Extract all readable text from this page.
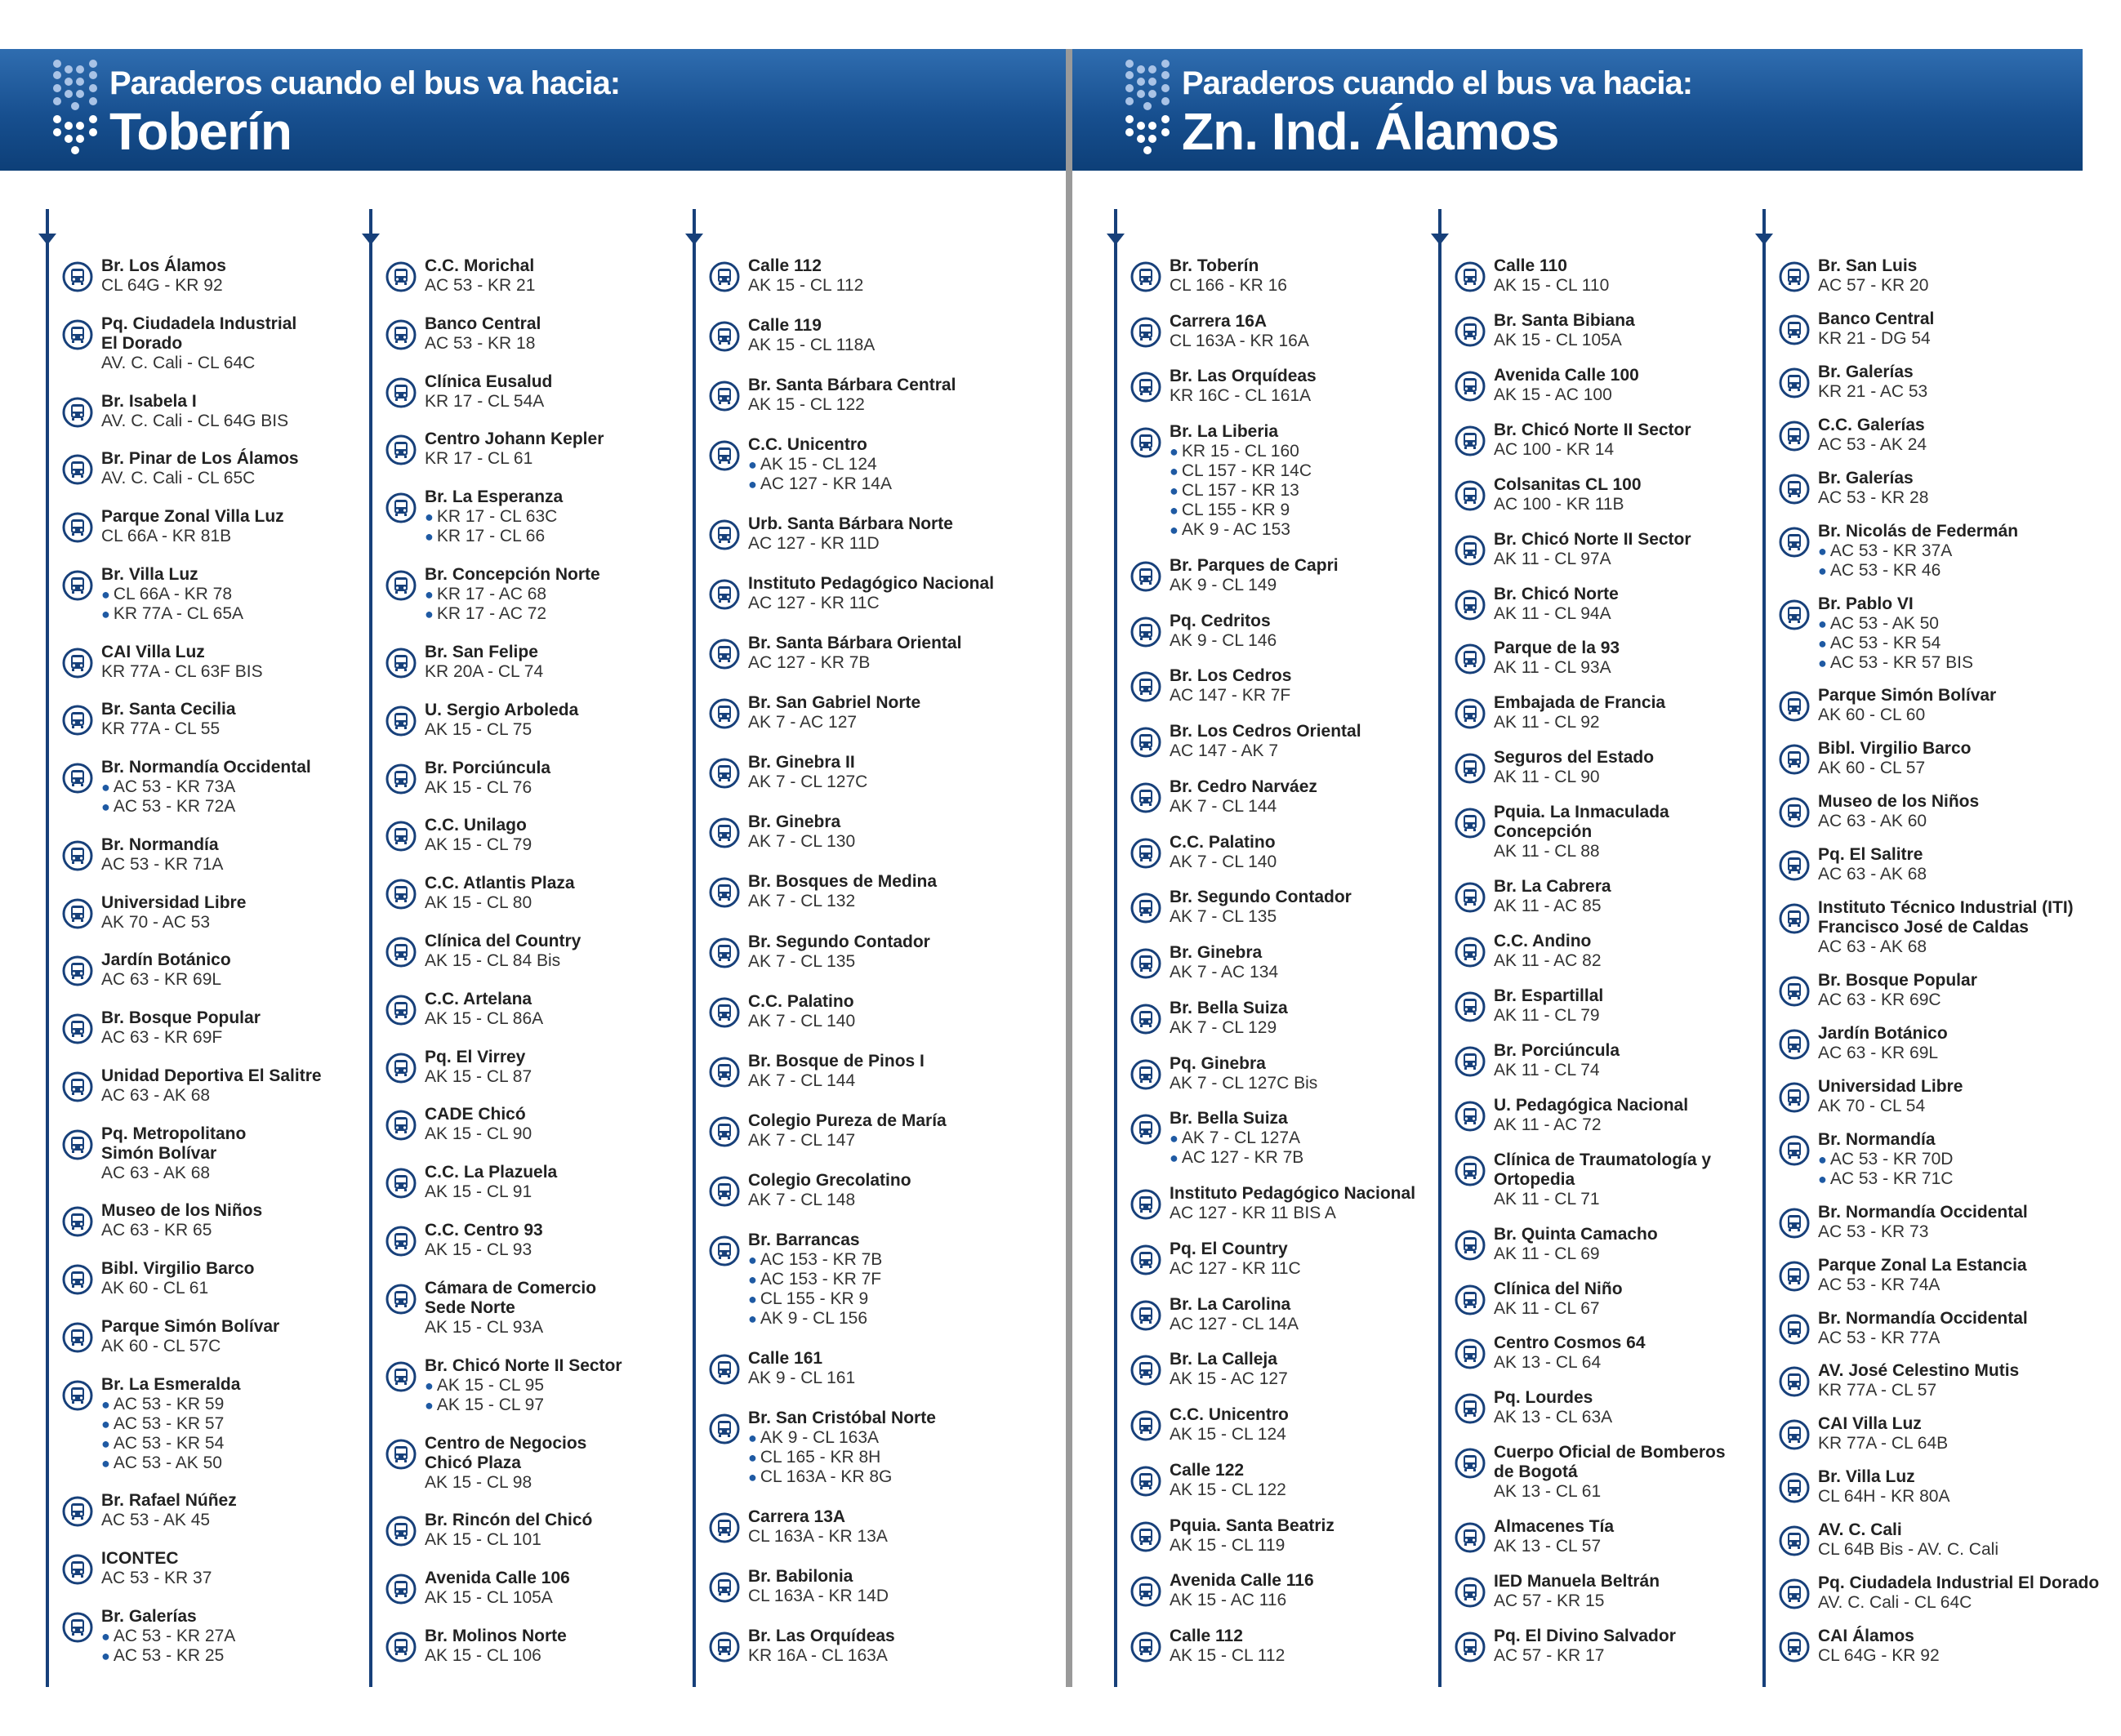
Paraderos cuando el bus va hacia:
Toberín
Br. Los Álamos
CL 64G - KR 92
Pq. Ciudadela Industrial
El Dorado
AV. C. Cali - CL 64C
Br. Isabela I
AV. C. Cali - CL 64G BIS
Br. Pinar de Los Álamos
AV. C. Cali - CL 65C
Parque Zonal Villa Luz
CL 66A - KR 81B
Br. Villa Luz
● CL 66A - KR 78
● KR 77A - CL 65A
CAI Villa Luz
KR 77A - CL 63F BIS
Br. Santa Cecilia
KR 77A - CL 55
Br. Normandía Occidental
● AC 53 - KR 73A
● AC 53 - KR 72A
Br. Normandía
AC 53 - KR 71A
Universidad Libre
AK 70 - AC 53
Jardín Botánico
AC 63 - KR 69L
Br. Bosque Popular
AC 63 - KR 69F
Unidad Deportiva El Salitre
AC 63 - AK 68
Pq. Metropolitano
Simón Bolívar
AC 63 - AK 68
Museo de los Niños
AC 63 - KR 65
Bibl. Virgilio Barco
AK 60 - CL 61
Parque Simón Bolívar
AK 60 - CL 57C
Br. La Esmeralda
● AC 53 - KR 59
● AC 53 - KR 57
● AC 53 - KR 54
● AC 53 - AK 50
Br. Rafael Núñez
AC 53 - AK 45
ICONTEC
AC 53 - KR 37
Br. Galerías
● AC 53 - KR 27A
● AC 53 - KR 25
C.C. Morichal
AC 53 - KR 21
Banco Central
AC 53 - KR 18
Clínica Eusalud
KR 17 - CL 54A
Centro Johann Kepler
KR 17 - CL 61
Br. La Esperanza
● KR 17 - CL 63C
● KR 17 - CL 66
Br. Concepción Norte
● KR 17 - AC 68
● KR 17 - AC 72
Br. San Felipe
KR 20A - CL 74
U. Sergio Arboleda
AK 15 - CL 75
Br. Porciúncula
AK 15 - CL 76
C.C. Unilago
AK 15 - CL 79
C.C. Atlantis Plaza
AK 15 - CL 80
Clínica del Country
AK 15 - CL 84 Bis
C.C. Artelana
AK 15 - CL 86A
Pq. El Virrey
AK 15 - CL 87
CADE Chicó
AK 15 - CL 90
C.C. La Plazuela
AK 15 - CL 91
C.C. Centro 93
AK 15 - CL 93
Cámara de Comercio
Sede Norte
AK 15 - CL 93A
Br. Chicó Norte II Sector
● AK 15 - CL 95
● AK 15 - CL 97
Centro de Negocios
Chicó Plaza
AK 15 - CL 98
Br. Rincón del Chicó
AK 15 - CL 101
Avenida Calle 106
AK 15 - CL 105A
Br. Molinos Norte
AK 15 - CL 106
Calle 112
AK 15 - CL 112
Calle 119
AK 15 - CL 118A
Br. Santa Bárbara Central
AK 15 - CL 122
C.C. Unicentro
● AK 15 - CL 124
● AC 127 - KR 14A
Urb. Santa Bárbara Norte
AC 127 - KR 11D
Instituto Pedagógico Nacional
AC 127 - KR 11C
Br. Santa Bárbara Oriental
AC 127 - KR 7B
Br. San Gabriel Norte
AK 7 - AC 127
Br. Ginebra II
AK 7 - CL 127C
Br. Ginebra
AK 7 - CL 130
Br. Bosques de Medina
AK 7 - CL 132
Br. Segundo Contador
AK 7 - CL 135
C.C. Palatino
AK 7 - CL 140
Br. Bosque de Pinos I
AK 7 - CL 144
Colegio Pureza de María
AK 7 - CL 147
Colegio Grecolatino
AK 7 - CL 148
Br. Barrancas
● AC 153 - KR 7B
● AC 153 - KR 7F
● CL 155 - KR 9
● AK 9 - CL 156
Calle 161
AK 9 - CL 161
Br. San Cristóbal Norte
● AK 9 - CL 163A
● CL 165 - KR 8H
● CL 163A - KR 8G
Carrera 13A
CL 163A - KR 13A
Br. Babilonia
CL 163A - KR 14D
Br. Las Orquídeas
KR 16A - CL 163A
Paraderos cuando el bus va hacia:
Zn. Ind. Álamos
Br. Toberín
CL 166 - KR 16
Carrera 16A
CL 163A - KR 16A
Br. Las Orquídeas
KR 16C - CL 161A
Br. La Liberia
● KR 15 - CL 160
● CL 157 - KR 14C
● CL 157 - KR 13
● CL 155 - KR 9
● AK 9 - AC 153
Br. Parques de Capri
AK 9 - CL 149
Pq. Cedritos
AK 9 - CL 146
Br. Los Cedros
AC 147 - KR 7F
Br. Los Cedros Oriental
AC 147 - AK 7
Br. Cedro Narváez
AK 7 - CL 144
C.C. Palatino
AK 7 - CL 140
Br. Segundo Contador
AK 7 - CL 135
Br. Ginebra
AK 7 - AC 134
Br. Bella Suiza
AK 7 - CL 129
Pq. Ginebra
AK 7 - CL 127C Bis
Br. Bella Suiza
● AK 7 - CL 127A
● AC 127 - KR 7B
Instituto Pedagógico Nacional
AC 127 - KR 11 BIS A
Pq. El Country
AC 127 - KR 11C
Br. La Carolina
AC 127 - CL 14A
Br. La Calleja
AK 15 - AC 127
C.C. Unicentro
AK 15 - CL 124
Calle 122
AK 15 - CL 122
Pquia. Santa Beatriz
AK 15 - CL 119
Avenida Calle 116
AK 15 - AC 116
Calle 112
AK 15 - CL 112
Calle 110
AK 15 - CL 110
Br. Santa Bibiana
AK 15 - CL 105A
Avenida Calle 100
AK 15 - AC 100
Br. Chicó Norte II Sector
AC 100 - KR 14
Colsanitas CL 100
AC 100 - KR 11B
Br. Chicó Norte II Sector
AK 11 - CL 97A
Br. Chicó Norte
AK 11 - CL 94A
Parque de la 93
AK 11 - CL 93A
Embajada de Francia
AK 11 - CL 92
Seguros del Estado
AK 11 - CL 90
Pquia. La Inmaculada
Concepción
AK 11 - CL 88
Br. La Cabrera
AK 11 - AC 85
C.C. Andino
AK 11 - AC 82
Br. Espartillal
AK 11 - CL 79
Br. Porciúncula
AK 11 - CL 74
U. Pedagógica Nacional
AK 11 - AC 72
Clínica de Traumatología y
Ortopedia
AK 11 - CL 71
Br. Quinta Camacho
AK 11 - CL 69
Clínica del Niño
AK 11 - CL 67
Centro Cosmos 64
AK 13 - CL 64
Pq. Lourdes
AK 13 - CL 63A
Cuerpo Oficial de Bomberos
de Bogotá
AK 13 - CL 61
Almacenes Tía
AK 13 - CL 57
IED Manuela Beltrán
AC 57 - KR 15
Pq. El Divino Salvador
AC 57 - KR 17
Br. San Luis
AC 57 - KR 20
Banco Central
KR 21 - DG 54
Br. Galerías
KR 21 - AC 53
C.C. Galerías
AC 53 - AK 24
Br. Galerías
AC 53 - KR 28
Br. Nicolás de Federmán
● AC 53 - KR 37A
● AC 53 - KR 46
Br. Pablo VI
● AC 53 - AK 50
● AC 53 - KR 54
● AC 53 - KR 57 BIS
Parque Simón Bolívar
AK 60 - CL 60
Bibl. Virgilio Barco
AK 60 - CL 57
Museo de los Niños
AC 63 - AK 60
Pq. El Salitre
AC 63 - AK 68
Instituto Técnico Industrial (ITI)
Francisco José de Caldas
AC 63 - AK 68
Br. Bosque Popular
AC 63 - KR 69C
Jardín Botánico
AC 63 - KR 69L
Universidad Libre
AK 70 - CL 54
Br. Normandía
● AC 53 - KR 70D
● AC 53 - KR 71C
Br. Normandía Occidental
AC 53 - KR 73
Parque Zonal La Estancia
AC 53 - KR 74A
Br. Normandía Occidental
AC 53 - KR 77A
AV. José Celestino Mutis
KR 77A - CL 57
CAI Villa Luz
KR 77A - CL 64B
Br. Villa Luz
CL 64H - KR 80A
AV. C. Cali
CL 64B Bis - AV. C. Cali
Pq. Ciudadela Industrial El Dorado
AV. C. Cali - CL 64C
CAI Álamos
CL 64G - KR 92
